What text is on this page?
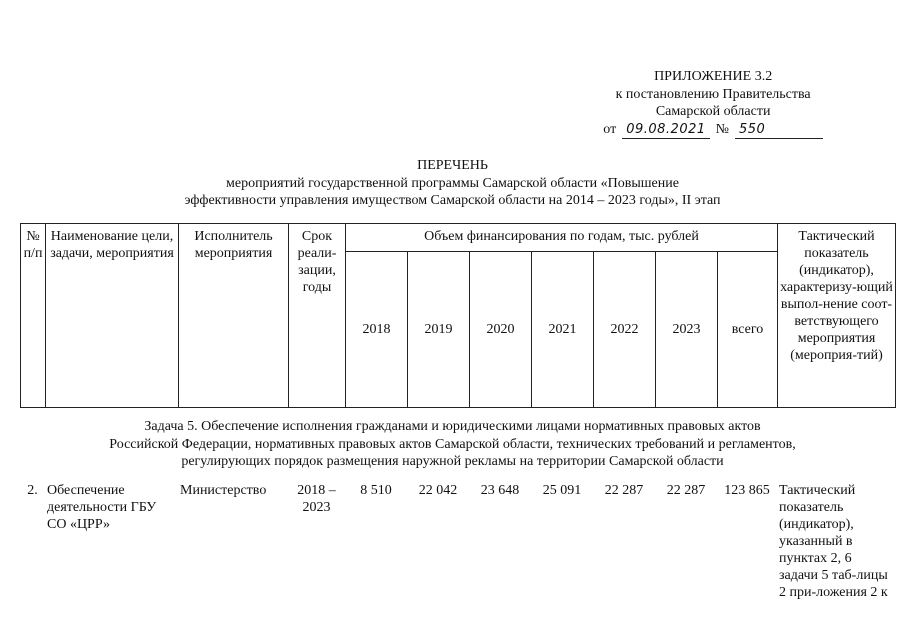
ПРИЛОЖЕНИЕ 3.2
к постановлению Правительства
Самарской области
от 09.08.2021 № 550
ПЕРЕЧЕНЬ
мероприятий государственной программы Самарской области «Повышение
эффективности управления имуществом Самарской области на 2014 – 2023 годы», II этап
№ п/п	Наименование цели, задачи, мероприятия	Исполнитель мероприятия	Срок реали-зации, годы	Объем финансирования по годам, тыс. рублей							Тактический показатель (индикатор), характеризу-ющий выпол-нение соот-ветствующего мероприятия (мероприя-тий)
				2018	2019	2020	2021	2022	2023	всего	
Задача 5. Обеспечение исполнения гражданами и юридическими лицами нормативных правовых актов
Российской Федерации, нормативных правовых актов Самарской области, технических требований и регламентов,
регулирующих порядок размещения наружной рекламы на территории Самарской области
2.	Обеспечение деятельности ГБУ СО «ЦРР»	Министерство	2018 – 2023	8 510	22 042	23 648	25 091	22 287	22 287	123 865	Тактический показатель (индикатор), указанный в пунктах 2, 6 задачи 5 таб-лицы 2 при-ложения 2 к
